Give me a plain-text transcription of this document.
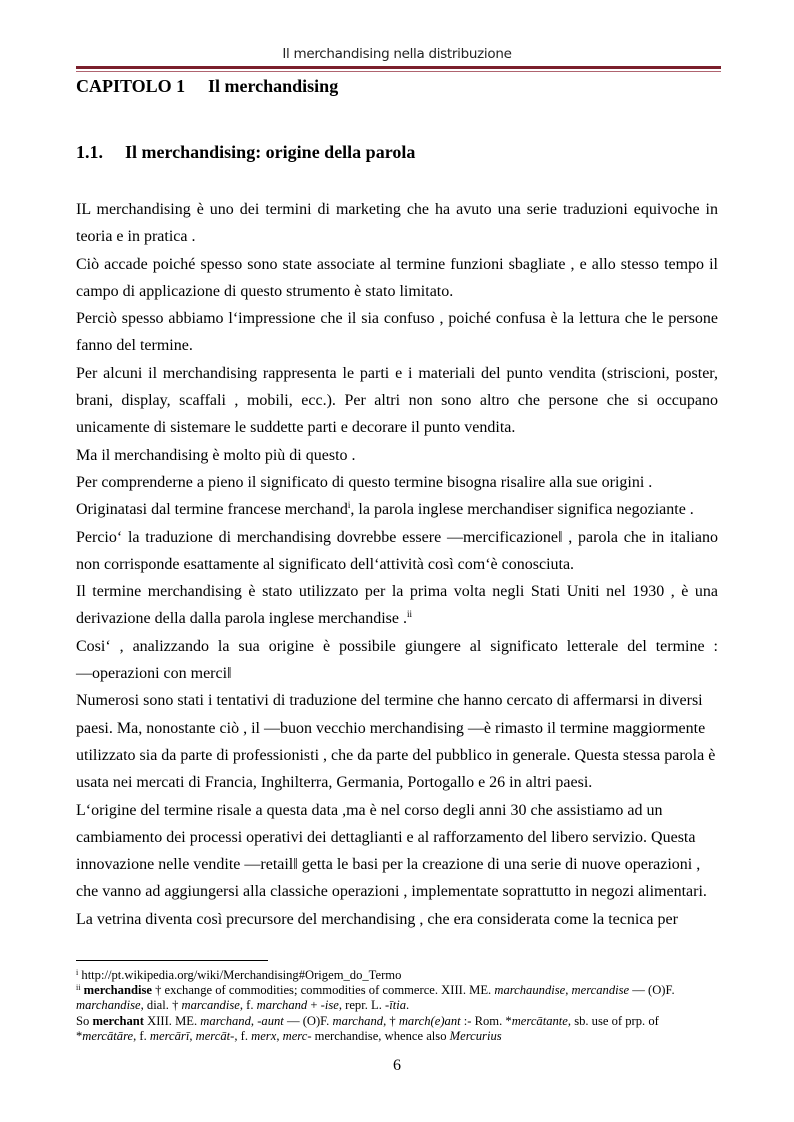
Il merchandising nella distribuzione
CAPITOLO 1 Il merchandising
1.1. Il merchandising: origine della parola
IL merchandising è uno dei termini di marketing che ha avuto una serie traduzioni equivoche in
teoria e in pratica .
Ciò accade poiché spesso sono state associate al termine funzioni sbagliate , e allo stesso tempo il
campo di applicazione di questo strumento è stato limitato.
Perciò spesso abbiamo l‘impressione che il sia confuso , poiché confusa è la lettura che le persone
fanno del termine.
Per alcuni il merchandising rappresenta le parti e i materiali del punto vendita (striscioni, poster,
brani, display, scaffali , mobili, ecc.). Per altri non sono altro che persone che si occupano
unicamente di sistemare le suddette parti e decorare il punto vendita.
Ma il merchandising è molto più di questo .
Per comprenderne a pieno il significato di questo termine bisogna risalire alla sue origini .
Originatasi dal termine francese merchand$^i$, la parola inglese merchandiser significa negoziante .
Percio‘ la traduzione di merchandising dovrebbe essere ―mercificazione‖ , parola che in italiano
non corrisponde esattamente al significato dell‘attività così com‘è conosciuta.
Il termine merchandising è stato utilizzato per la prima volta negli Stati Uniti nel 1930 , è una
derivazione della dalla parola inglese merchandise .$^{ii}$
Cosi‘ , analizzando la sua origine è possibile giungere al significato letterale del termine :
―operazioni con merci‖
Numerosi sono stati i tentativi di traduzione del termine che hanno cercato di affermarsi in diversi
paesi. Ma, nonostante ciò , il ―buon vecchio merchandising ―è rimasto il termine maggiormente
utilizzato sia da parte di professionisti , che da parte del pubblico in generale. Questa stessa parola è
usata nei mercati di Francia, Inghilterra, Germania, Portogallo e 26 in altri paesi.
L‘origine del termine risale a questa data ,ma è nel corso degli anni 30 che assistiamo ad un
cambiamento dei processi operativi dei dettaglianti e al rafforzamento del libero servizio. Questa
innovazione nelle vendite ―retail‖ getta le basi per la creazione di una serie di nuove operazioni ,
che vanno ad aggiungersi alla classiche operazioni , implementate soprattutto in negozi alimentari.
La vetrina diventa così precursore del merchandising , che era considerata come la tecnica per
$^i$ http://pt.wikipedia.org/wiki/Merchandising#Origem_do_Termo
$^{ii}$ merchandise † exchange of commodities; commodities of commerce. XIII. ME. marchaundise, mercandise — (O)F.
marchandise, dial. † marcandise, f. marchand + -ise, repr. L. -ītia.
So merchant XIII. ME. marchand, -aunt — (O)F. marchand, † march(e)ant :- Rom. *mercātante, sb. use of prp. of
*mercātāre, f. mercārī, mercāt-, f. merx, merc- merchandise, whence also Mercurius
6
